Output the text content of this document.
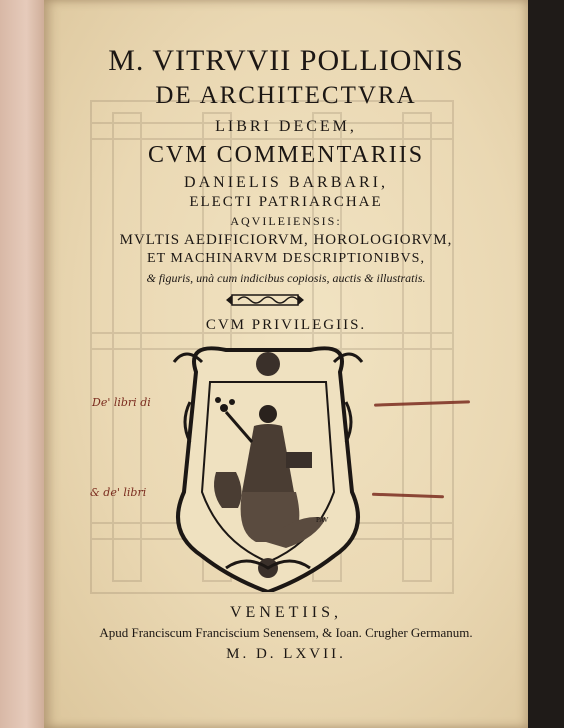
M. VITRVVII POLLIONIS
DE ARCHITECTVRA
LIBRI DECEM,
CVM COMMENTARIIS
DANIELIS BARBARI,
ELECTI PATRIARCHAE
AQVILEIENSIS:
MVLTIS AEDIFICIORVM, HOROLOGIORVM,
ET MACHINARVM DESCRIPTIONIBVS,
& figuris, unà cum indicibus copiosis, auctis & illustratis.
CVM PRIVILEGIIS.
PAV
De' libri di
& de' libri
VENETIIS,
Apud Franciscum Franciscium Senensem, & Ioan. Crugher Germanum.
M. D. LXVII.
